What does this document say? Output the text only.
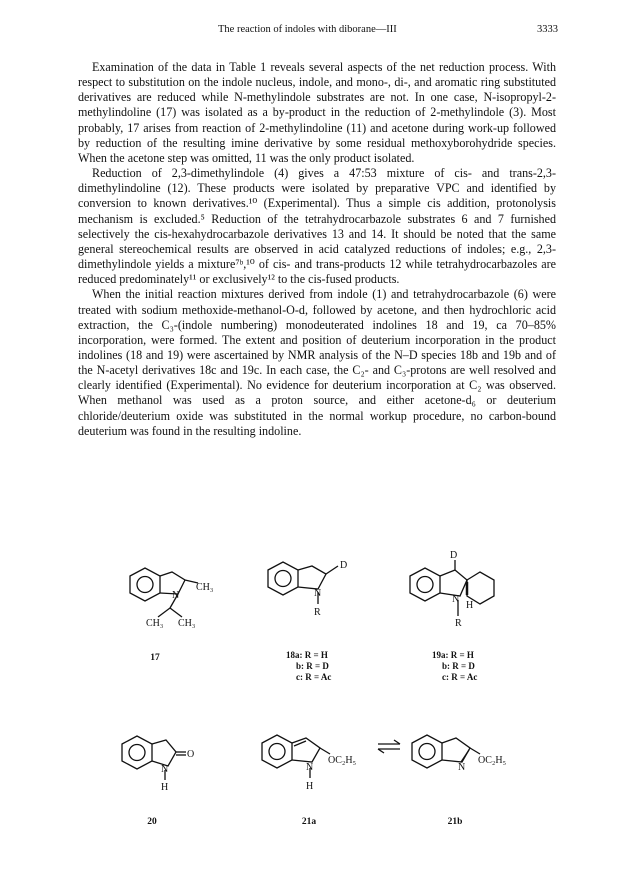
The reaction of indoles with diborane—III	3333

Examination of the data in Table 1 reveals several aspects of the net reduction process. With respect to substitution on the indole nucleus, indole, and mono-, di-, and aromatic ring substituted derivatives are reduced while N-methylindole substrates are not. In one case, N-isopropyl-2-methylindoline (17) was isolated as a by-product in the reduction of 2-methylindole (3). Most probably, 17 arises from reaction of 2-methylindoline (11) and acetone during work-up followed by reduction of the resulting imine derivative by some residual methoxyborohydride species. When the acetone step was omitted, 11 was the only product isolated.

Reduction of 2,3-dimethylindole (4) gives a 47:53 mixture of cis- and trans-2,3-dimethylindoline (12). These products were isolated by preparative VPC and identified by conversion to known derivatives.¹⁰ (Experimental). Thus a simple cis addition, protonolysis mechanism is excluded.⁵ Reduction of the tetrahydrocarbazole substrates 6 and 7 furnished selectively the cis-hexahydrocarbazole derivatives 13 and 14. It should be noted that the same general stereochemical results are observed in acid catalyzed reductions of indoles; e.g., 2,3-dimethylindole yields a mixture⁷ᵇ,¹⁰ of cis- and trans-products 12 while tetrahydrocarbazoles are reduced predominately¹¹ or exclusively¹² to the cis-fused products.

When the initial reaction mixtures derived from indole (1) and tetrahydrocarbazole (6) were treated with sodium methoxide-methanol-O-d, followed by acetone, and then hydrochloric acid extraction, the C₃-(indole numbering) monodeuterated indolines 18 and 19, ca 70–85% incorporation, were formed. The extent and position of deuterium incorporation in the product indolines (18 and 19) were ascertained by NMR analysis of the N–D species 18b and 19b and of the N-acetyl derivatives 18c and 19c. In each case, the C₂- and C₃-protons are well resolved and clearly identified (Experimental). No evidence for deuterium incorporation at C₂ was observed. When methanol was used as a proton source, and either acetone-d₆ or deuterium chloride/deuterium oxide was substituted in the normal workup procedure, no carbon-bound deuterium was found in the resulting indoline.

N
CH₃
CH₃ CH₃
D
N
R
D
N
H
R
N
O
H
N
OC₂H₅
H
N
OC₂H₅
17	18a: R = H
b: R = D
c: R = Ac
19a: R = H
b: R = D
c: R = Ac
20	21a	21b
